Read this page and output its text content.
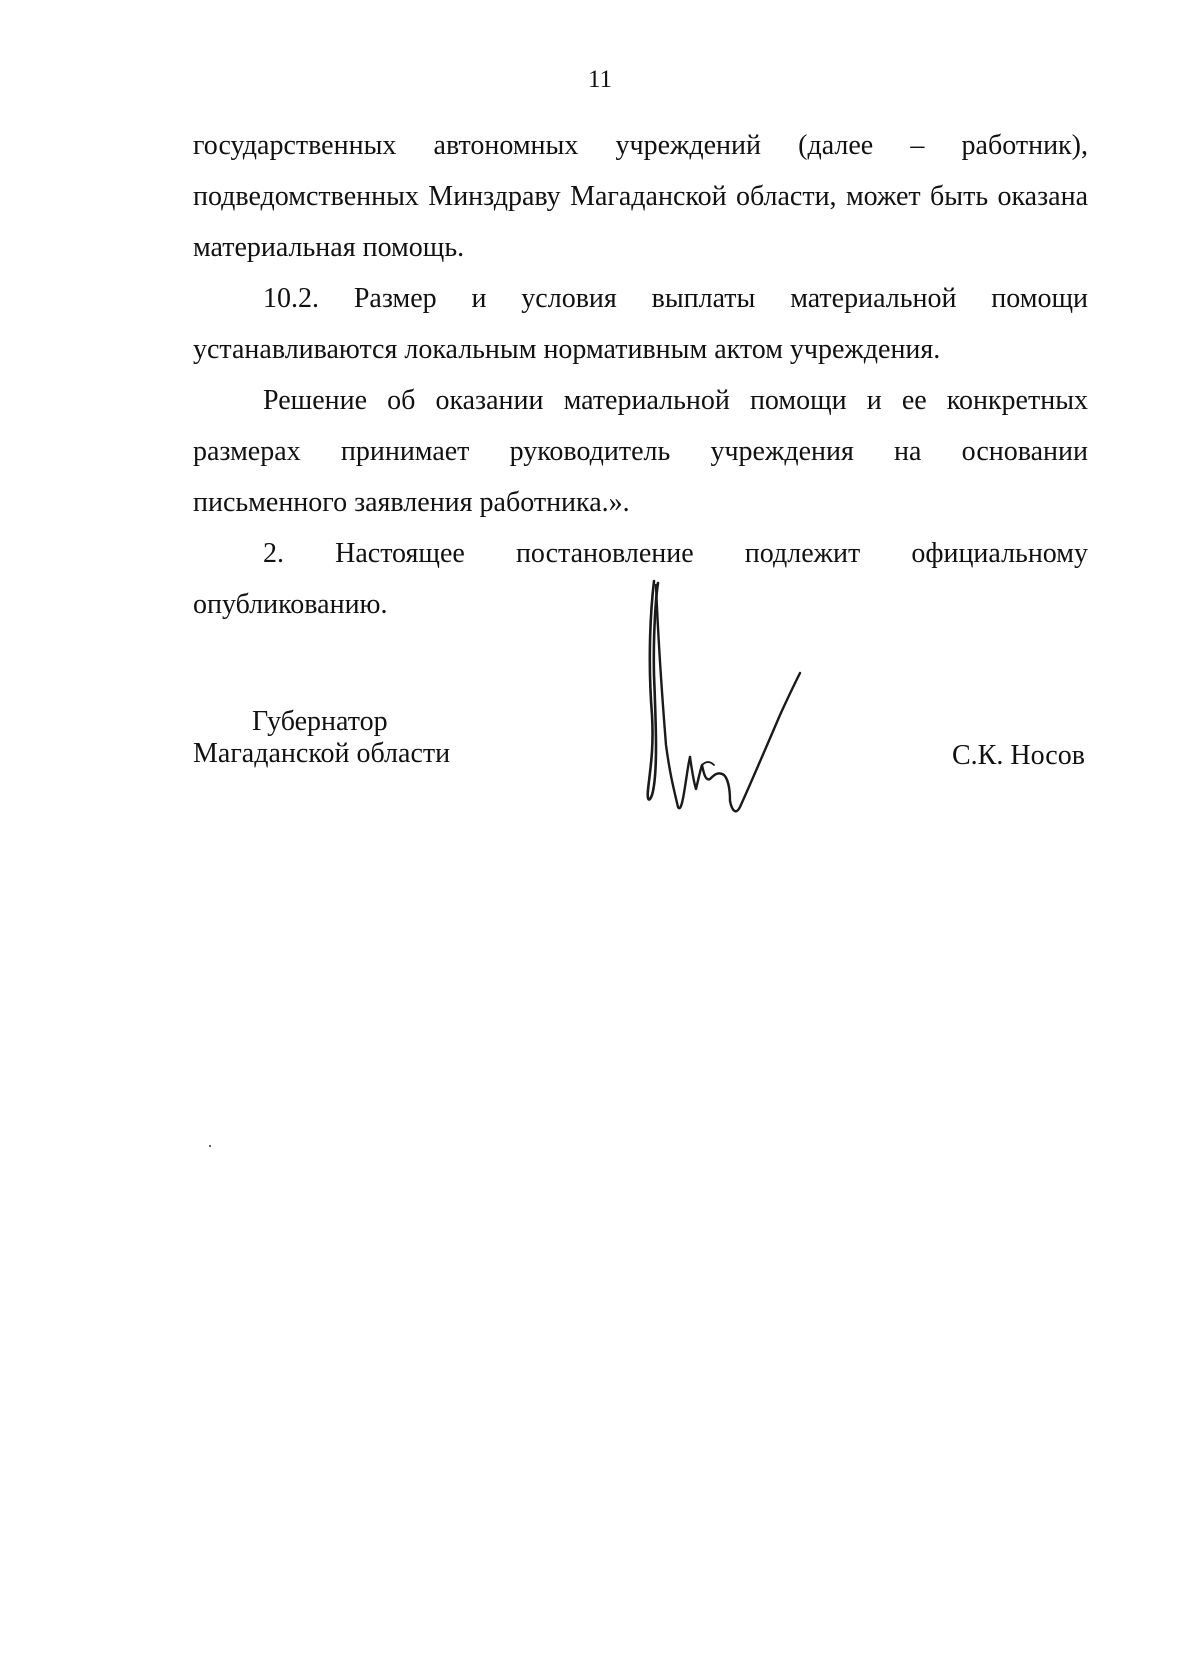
11

государственных автономных учреждений (далее – работник),
подведомственных Минздраву Магаданской области, может быть оказана
материальная помощь.

10.2. Размер и условия выплаты материальной помощи
устанавливаются локальным нормативным актом учреждения.

Решение об оказании материальной помощи и ее конкретных
размерах принимает руководитель учреждения на основании
письменного заявления работника.».

2. Настоящее постановление подлежит официальному
опубликованию.

Губернатор
Магаданской области	С.К. Носов
